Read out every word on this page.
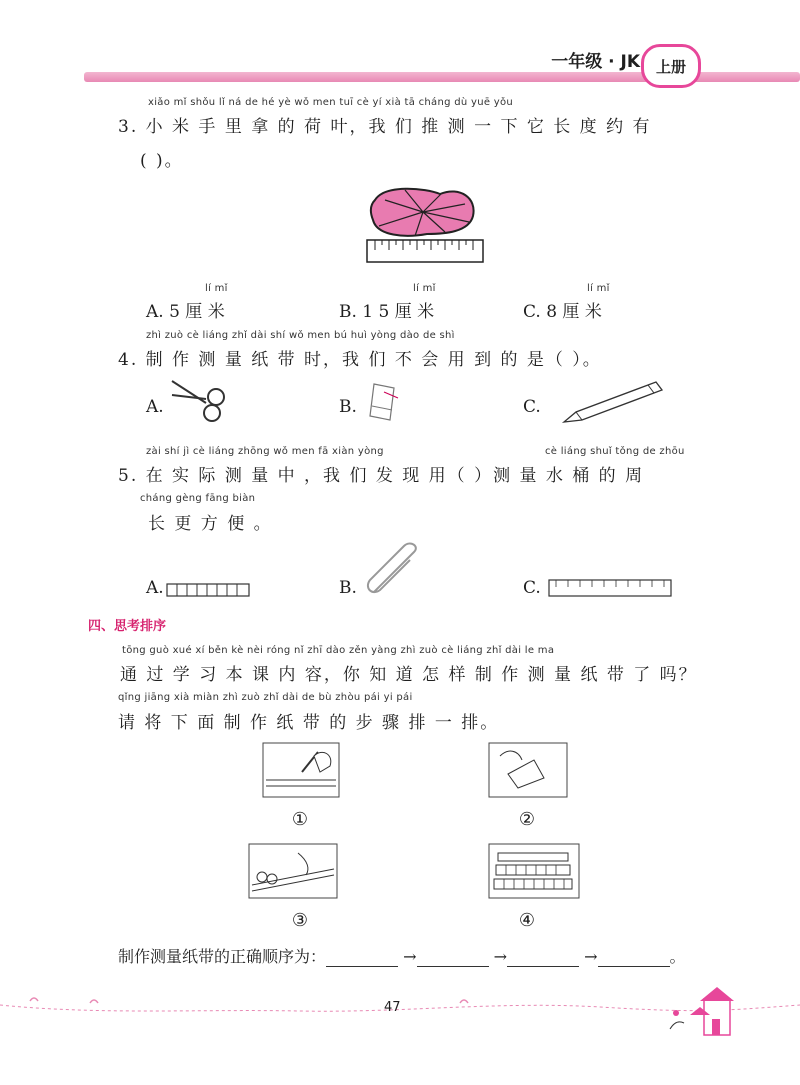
一年级 · JK	上册
xiǎo mǐ shǒu lǐ ná de hé yè wǒ men tuī cè yí xià tā cháng dù yuē yǒu
3. 小 米 手 里 拿 的 荷 叶，我 们 推 测 一 下 它 长 度 约 有
( )。
lí mǐ	lí mǐ	lí mǐ
A. 5 厘 米	B. 1 5 厘 米	C. 8 厘 米
zhì zuò cè liáng zhǐ dài shí wǒ men bú huì yòng dào de shì
4. 制 作 测 量 纸 带 时，我 们 不 会 用 到 的 是（ ）。
A.	B.	C.
zài shí jì cè liáng zhōng wǒ men fā xiàn yòng	cè liáng shuǐ tǒng de zhōu
5. 在 实 际 测 量 中 ，我 们 发 现 用（ ）测 量 水 桶 的 周
cháng gèng fāng biàn
长 更 方 便 。
A.	B.	C.
四、思考排序
tōng guò xué xí běn kè nèi róng nǐ zhī dào zěn yàng zhì zuò cè liáng zhǐ dài le ma
通 过 学 习 本 课 内 容，你 知 道 怎 样 制 作 测 量 纸 带 了 吗？
qǐng jiāng xià miàn zhì zuò zhǐ dài de bù zhòu pái yi pái
请 将 下 面 制 作 纸 带 的 步 骤 排 一 排。
①	②
③	④
制作测量纸带的正确顺序为：	→	→	→	。
47
